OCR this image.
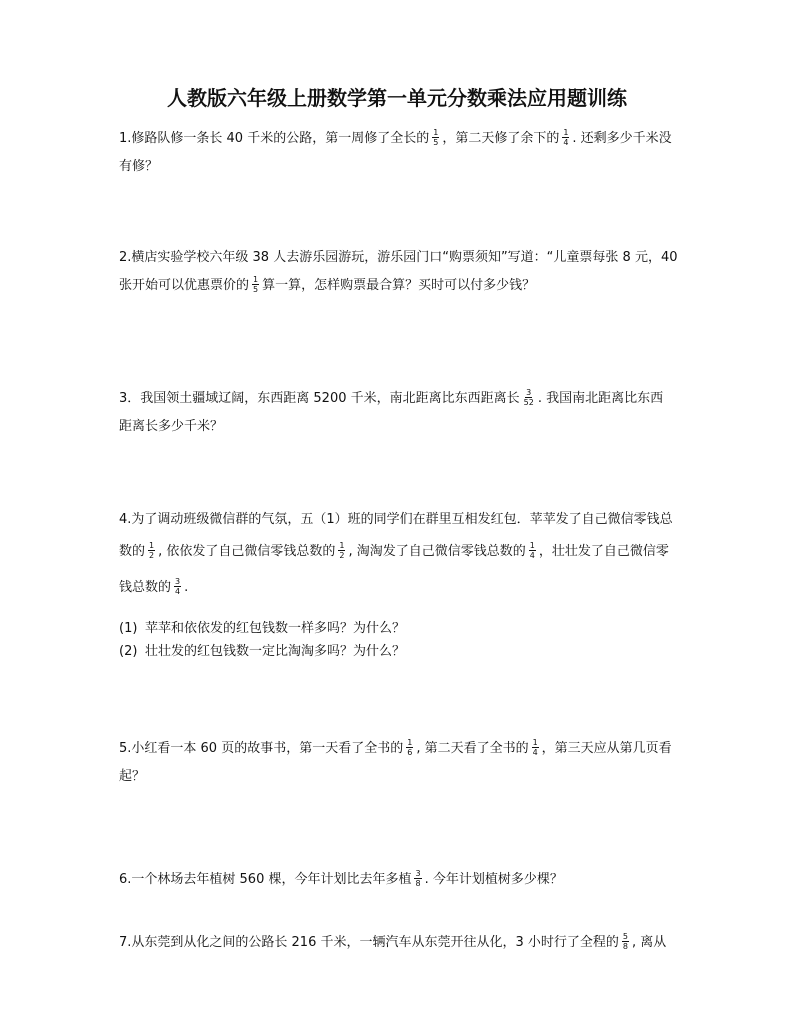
人教版六年级上册数学第一单元分数乘法应用题训练
1.修路队修一条长 40 千米的公路，第一周修了全长的 $\frac{1}{5}$ ，第二天修了余下的 $\frac{1}{4}$ . 还剩多少千米没
有修？
2.横店实验学校六年级 38 人去游乐园游玩，游乐园门口“购票须知”写道：“儿童票每张 8 元，40
张开始可以优惠票价的 $\frac{1}{5}$ 算一算，怎样购票最合算？买时可以付多少钱？
3．我国领土疆域辽阔，东西距离 5200 千米，南北距离比东西距离长 $\frac{3}{52}$ . 我国南北距离比东西
距离长多少千米？
4.为了调动班级微信群的气氛，五（1）班的同学们在群里互相发红包．苹苹发了自己微信零钱总
数的 $\frac{1}{2}$ , 依依发了自己微信零钱总数的 $\frac{1}{2}$ , 淘淘发了自己微信零钱总数的 $\frac{1}{4}$ ，壮壮发了自己微信零
钱总数的 $\frac{3}{4}$ .
(1) 苹苹和依依发的红包钱数一样多吗？为什么？
(2) 壮壮发的红包钱数一定比淘淘多吗？为什么？
5.小红看一本 60 页的故事书，第一天看了全书的 $\frac{1}{6}$ , 第二天看了全书的 $\frac{1}{4}$ ，第三天应从第几页看
起？
6.一个林场去年植树 560 棵，今年计划比去年多植 $\frac{3}{8}$ . 今年计划植树多少棵？
7.从东莞到从化之间的公路长 216 千米，一辆汽车从东莞开往从化，3 小时行了全程的 $\frac{5}{8}$ , 离从
